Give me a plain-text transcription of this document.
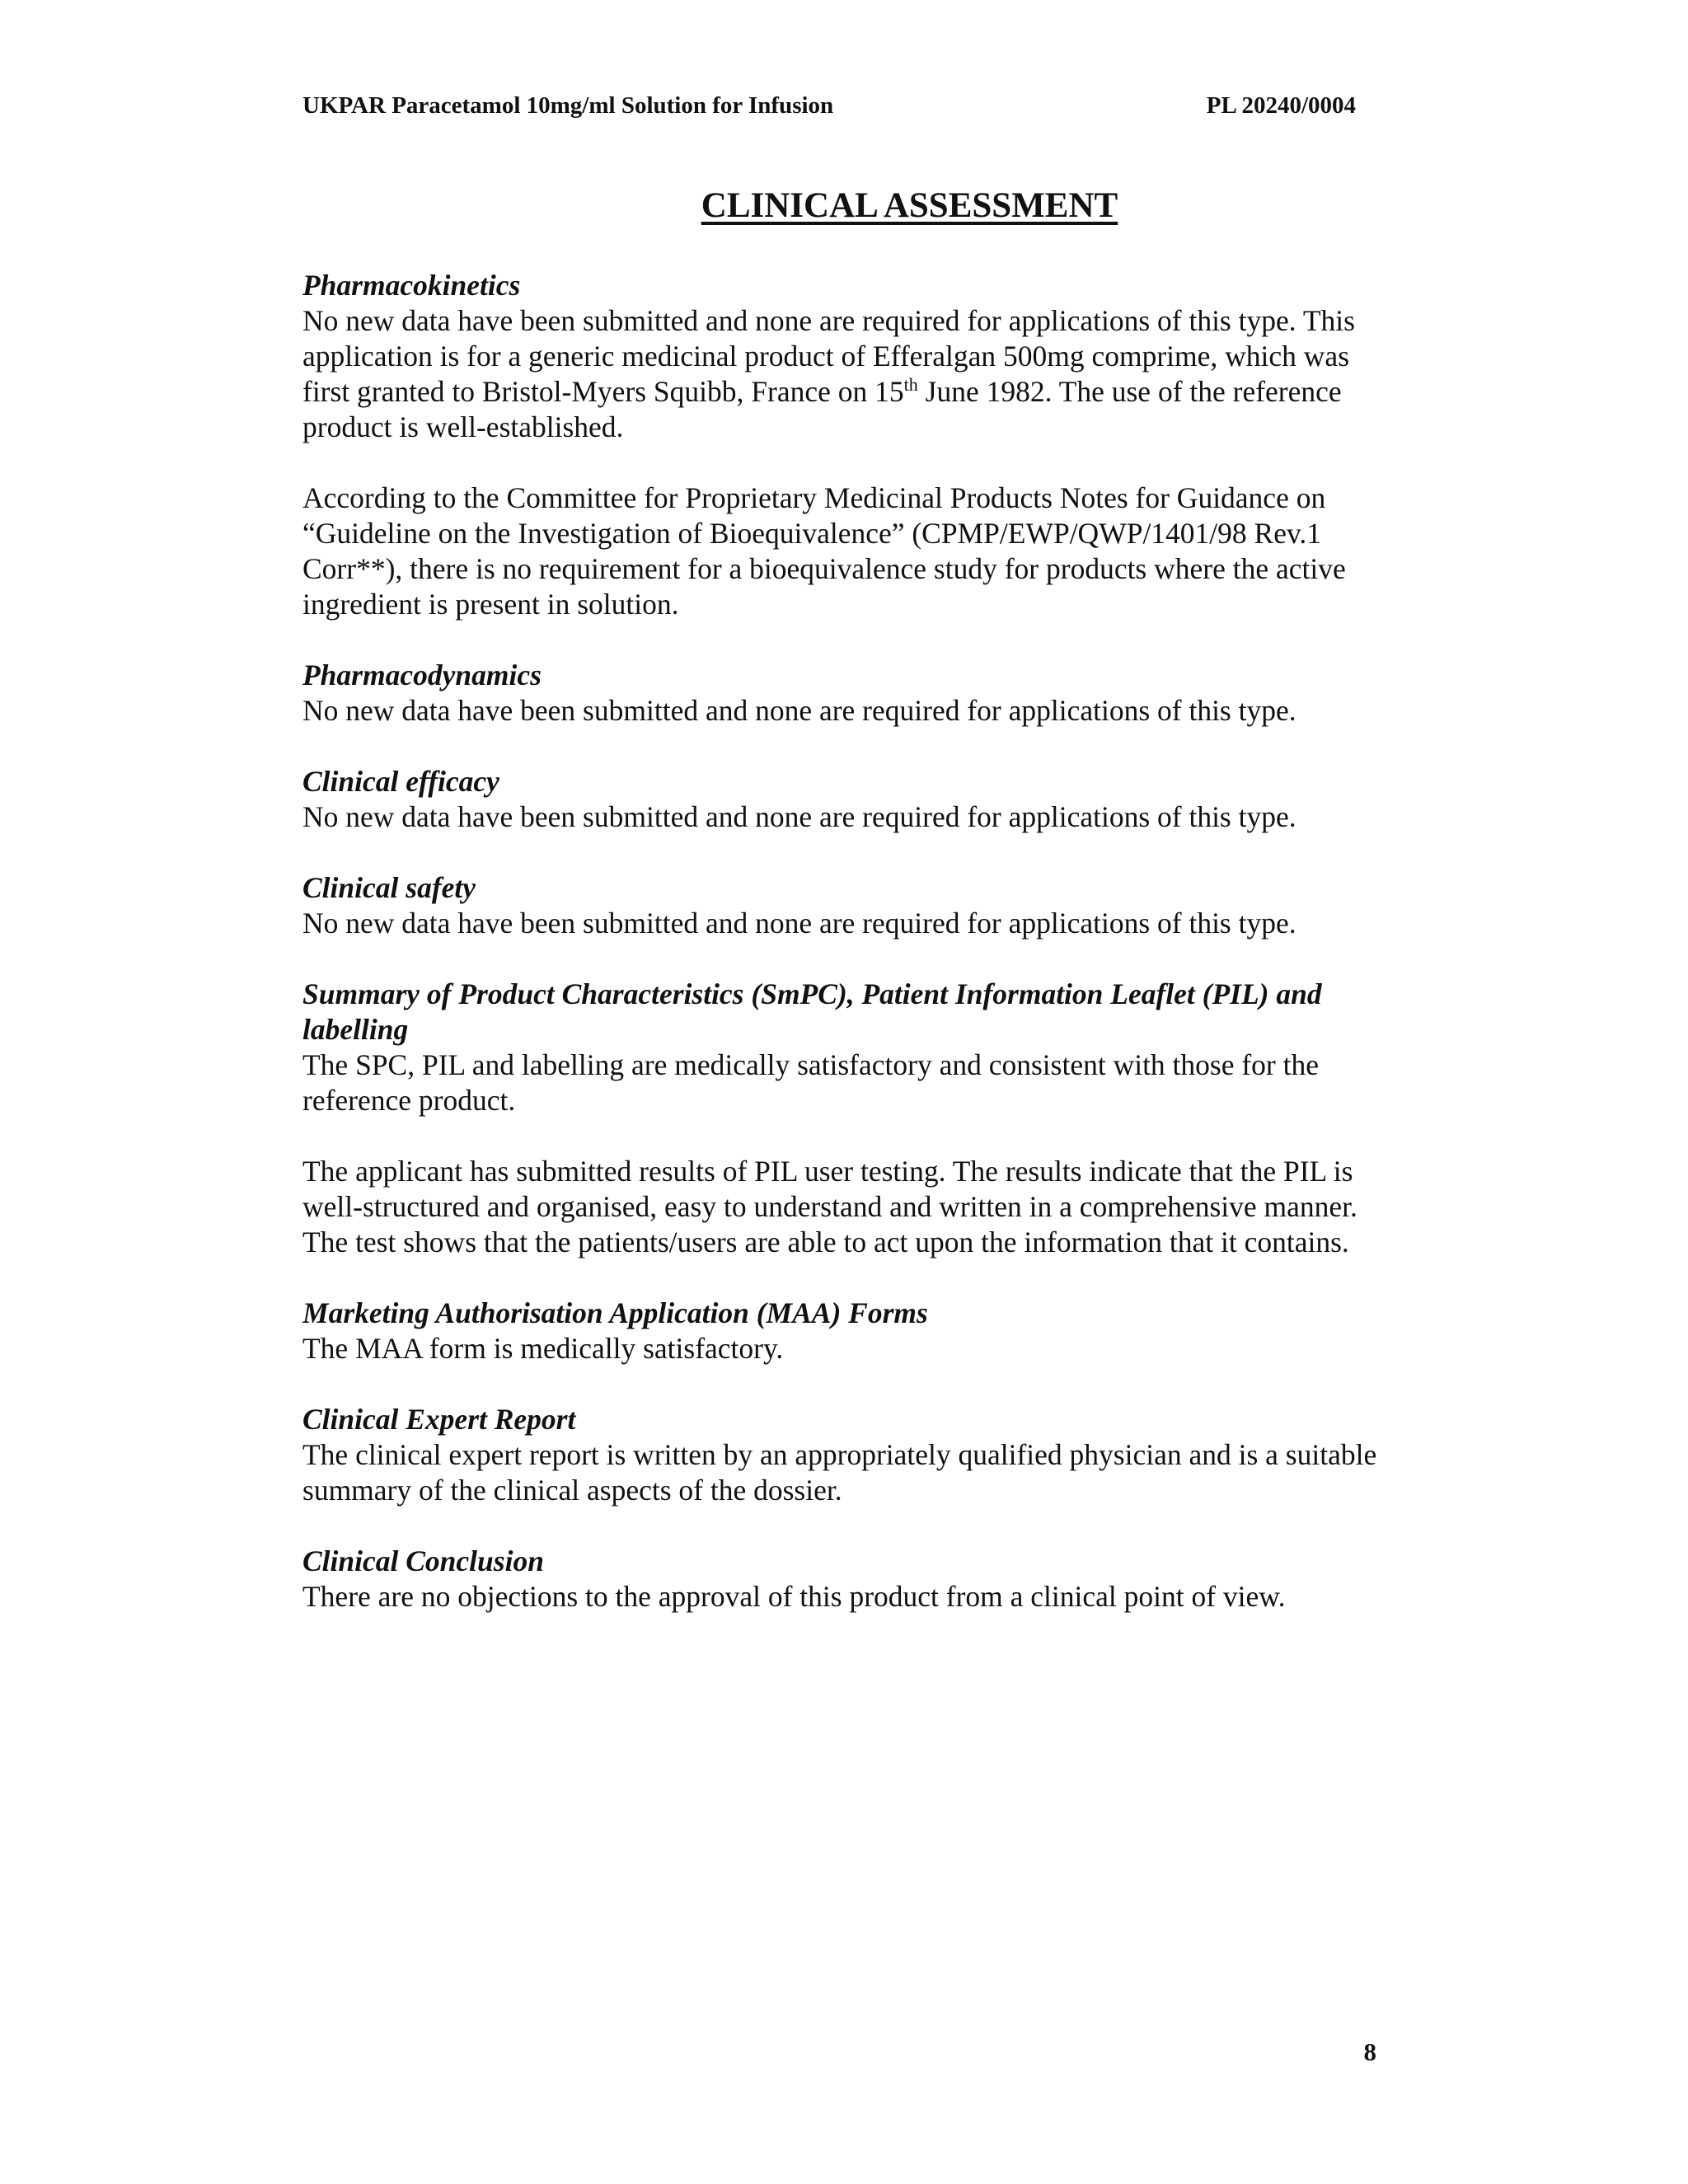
UKPAR Paracetamol 10mg/ml Solution for Infusion	PL 20240/0004
CLINICAL ASSESSMENT
Pharmacokinetics

No new data have been submitted and none are required for applications of this type. This application is for a generic medicinal product of Efferalgan 500mg comprime, which was first granted to Bristol-Myers Squibb, France on 15th June 1982. The use of the reference product is well-established.

According to the Committee for Proprietary Medicinal Products Notes for Guidance on “Guideline on the Investigation of Bioequivalence” (CPMP/EWP/QWP/1401/98 Rev.1 Corr**), there is no requirement for a bioequivalence study for products where the active ingredient is present in solution.

Pharmacodynamics

No new data have been submitted and none are required for applications of this type.

Clinical efficacy

No new data have been submitted and none are required for applications of this type.

Clinical safety

No new data have been submitted and none are required for applications of this type.

Summary of Product Characteristics (SmPC), Patient Information Leaflet (PIL) and labelling

The SPC, PIL and labelling are medically satisfactory and consistent with those for the reference product.

The applicant has submitted results of PIL user testing. The results indicate that the PIL is well-structured and organised, easy to understand and written in a comprehensive manner. The test shows that the patients/users are able to act upon the information that it contains.

Marketing Authorisation Application (MAA) Forms

The MAA form is medically satisfactory.

Clinical Expert Report

The clinical expert report is written by an appropriately qualified physician and is a suitable summary of the clinical aspects of the dossier.

Clinical Conclusion

There are no objections to the approval of this product from a clinical point of view.

8
